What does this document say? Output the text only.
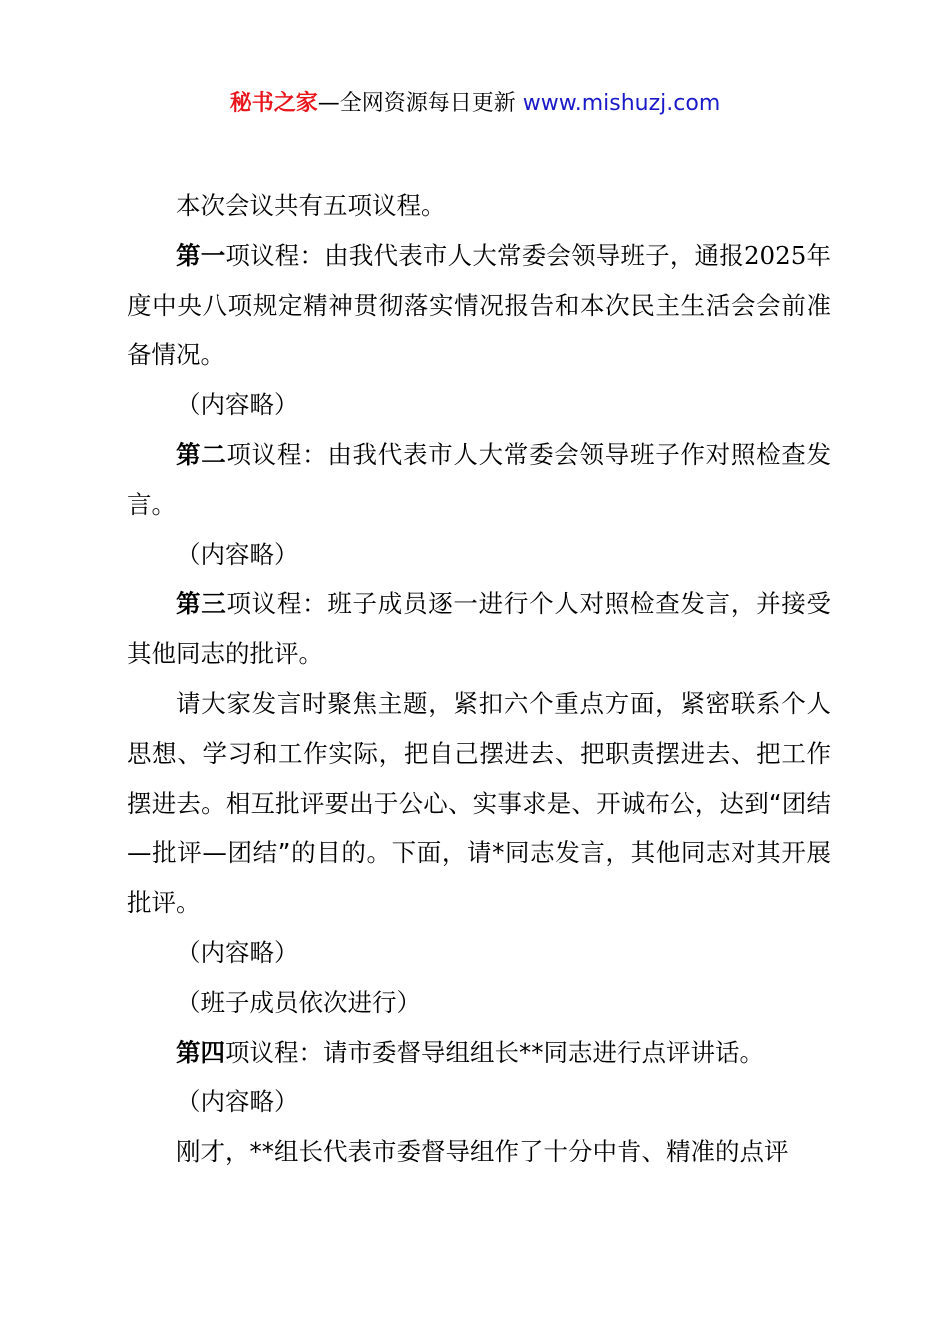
秘书之家—全网资源每日更新 www.mishuzj.com

本次会议共有五项议程。

第一项议程：由我代表市人大常委会领导班子，通报2025年度中央八项规定精神贯彻落实情况报告和本次民主生活会会前准备情况。

（内容略）

第二项议程：由我代表市人大常委会领导班子作对照检查发言。

（内容略）

第三项议程：班子成员逐一进行个人对照检查发言，并接受其他同志的批评。

请大家发言时聚焦主题，紧扣六个重点方面，紧密联系个人思想、学习和工作实际，把自己摆进去、把职责摆进去、把工作摆进去。相互批评要出于公心、实事求是、开诚布公，达到“团结—批评—团结”的目的。下面，请*同志发言，其他同志对其开展批评。

（内容略）

（班子成员依次进行）

第四项议程：请市委督导组组长**同志进行点评讲话。

（内容略）

刚才，**组长代表市委督导组作了十分中肯、精准的点评
